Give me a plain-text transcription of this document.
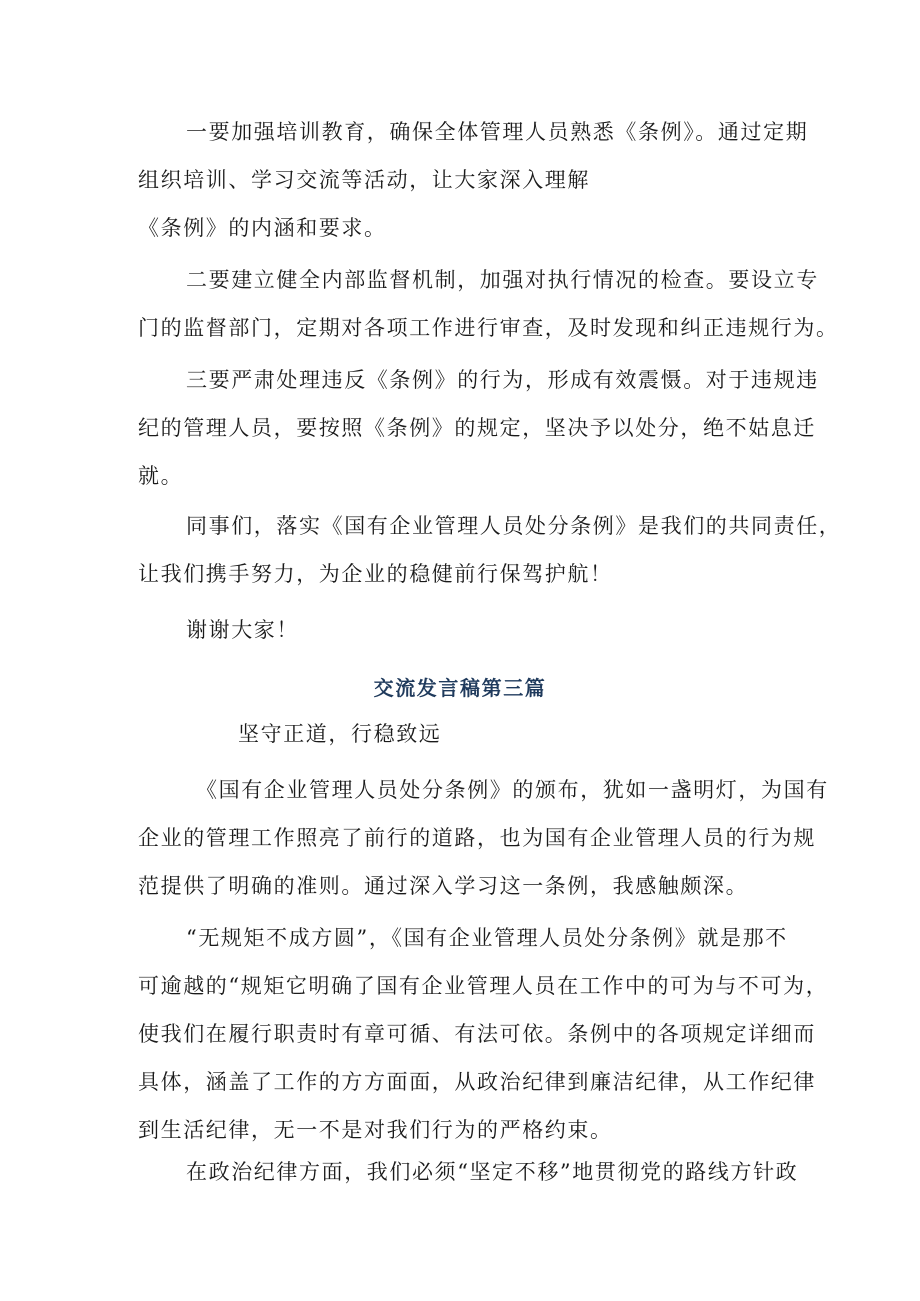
一要加强培训教育，确保全体管理人员熟悉《条例》。通过定期
组织培训、学习交流等活动，让大家深入理解
《条例》的内涵和要求。

二要建立健全内部监督机制，加强对执行情况的检查。要设立专
门的监督部门，定期对各项工作进行审查，及时发现和纠正违规行为。

三要严肃处理违反《条例》的行为，形成有效震慑。对于违规违
纪的管理人员，要按照《条例》的规定，坚决予以处分，绝不姑息迁
就。

同事们，落实《国有企业管理人员处分条例》是我们的共同责任，
让我们携手努力，为企业的稳健前行保驾护航！

谢谢大家！

交流发言稿第三篇
坚守正道，行稳致远

《国有企业管理人员处分条例》的颁布，犹如一盏明灯，为国有
企业的管理工作照亮了前行的道路，也为国有企业管理人员的行为规
范提供了明确的准则。通过深入学习这一条例，我感触颇深。

“无规矩不成方圆”，《国有企业管理人员处分条例》就是那不
可逾越的“规矩它明确了国有企业管理人员在工作中的可为与不可为，
使我们在履行职责时有章可循、有法可依。条例中的各项规定详细而
具体，涵盖了工作的方方面面，从政治纪律到廉洁纪律，从工作纪律
到生活纪律，无一不是对我们行为的严格约束。

在政治纪律方面，我们必须“坚定不移”地贯彻党的路线方针政
